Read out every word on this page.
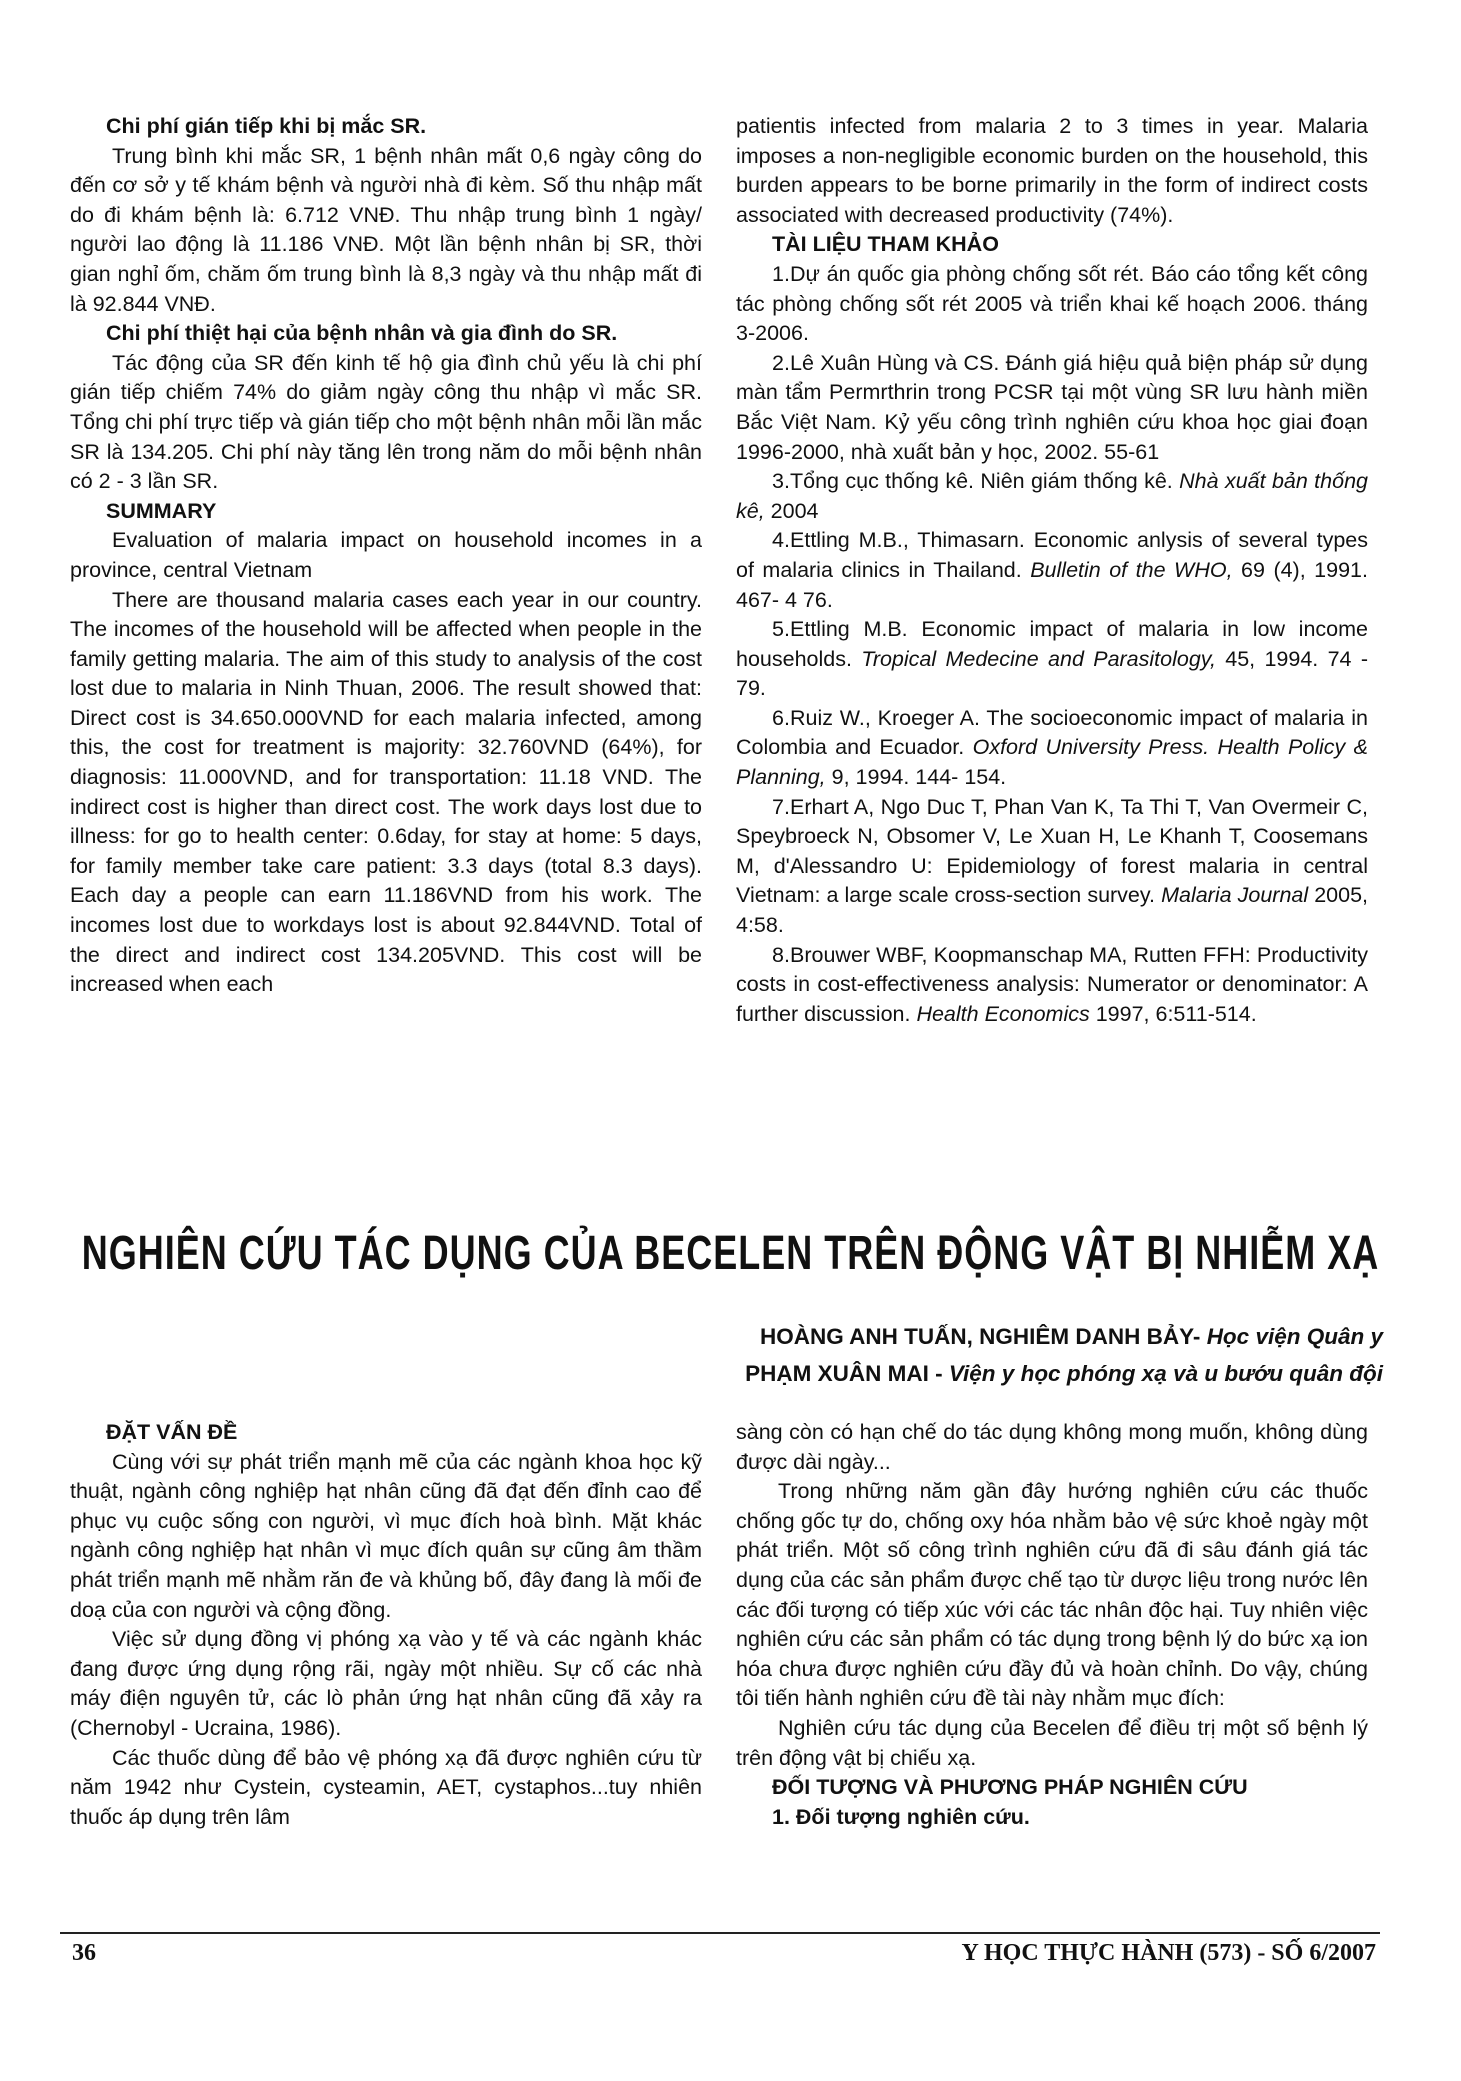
Chi phí gián tiếp khi bị mắc SR.

Trung bình khi mắc SR, 1 bệnh nhân mất 0,6 ngày công do đến cơ sở y tế khám bệnh và người nhà đi kèm. Số thu nhập mất do đi khám bệnh là: 6.712 VNĐ. Thu nhập trung bình 1 ngày/ người lao động là 11.186 VNĐ. Một lần bệnh nhân bị SR, thời gian nghỉ ốm, chăm ốm trung bình là 8,3 ngày và thu nhập mất đi là 92.844 VNĐ.

Chi phí thiệt hại của bệnh nhân và gia đình do SR.

Tác động của SR đến kinh tế hộ gia đình chủ yếu là chi phí gián tiếp chiếm 74% do giảm ngày công thu nhập vì mắc SR. Tổng chi phí trực tiếp và gián tiếp cho một bệnh nhân mỗi lần mắc SR là 134.205. Chi phí này tăng lên trong năm do mỗi bệnh nhân có 2 - 3 lần SR.

SUMMARY

Evaluation of malaria impact on household incomes in a province, central Vietnam

There are thousand malaria cases each year in our country. The incomes of the household will be affected when people in the family getting malaria. The aim of this study to analysis of the cost lost due to malaria in Ninh Thuan, 2006. The result showed that: Direct cost is 34.650.000VND for each malaria infected, among this, the cost for treatment is majority: 32.760VND (64%), for diagnosis: 11.000VND, and for transportation: 11.18 VND. The indirect cost is higher than direct cost. The work days lost due to illness: for go to health center: 0.6day, for stay at home: 5 days, for family member take care patient: 3.3 days (total 8.3 days). Each day a people can earn 11.186VND from his work. The incomes lost due to workdays lost is about 92.844VND. Total of the direct and indirect cost 134.205VND. This cost will be increased when each

patientis infected from malaria 2 to 3 times in year. Malaria imposes a non-negligible economic burden on the household, this burden appears to be borne primarily in the form of indirect costs associated with decreased productivity (74%).

TÀI LIỆU THAM KHẢO

1.Dự án quốc gia phòng chống sốt rét. Báo cáo tổng kết công tác phòng chống sốt rét 2005 và triển khai kế hoạch 2006. tháng 3-2006.

2.Lê Xuân Hùng và CS. Đánh giá hiệu quả biện pháp sử dụng màn tẩm Permrthrin trong PCSR tại một vùng SR lưu hành miền Bắc Việt Nam. Kỷ yếu công trình nghiên cứu khoa học giai đoạn 1996-2000, nhà xuất bản y học, 2002. 55-61

3.Tổng cục thống kê. Niên giám thống kê. Nhà xuất bản thống kê, 2004

4.Ettling M.B., Thimasarn. Economic anlysis of several types of malaria clinics in Thailand. Bulletin of the WHO, 69 (4), 1991. 467- 4 76.

5.Ettling M.B. Economic impact of malaria in low income households. Tropical Medecine and Parasitology, 45, 1994. 74 - 79.

6.Ruiz W., Kroeger A. The socioeconomic impact of malaria in Colombia and Ecuador. Oxford University Press. Health Policy & Planning, 9, 1994. 144- 154.

7.Erhart A, Ngo Duc T, Phan Van K, Ta Thi T, Van Overmeir C, Speybroeck N, Obsomer V, Le Xuan H, Le Khanh T, Coosemans M, d'Alessandro U: Epidemiology of forest malaria in central Vietnam: a large scale cross-section survey. Malaria Journal 2005, 4:58.

8.Brouwer WBF, Koopmanschap MA, Rutten FFH: Productivity costs in cost-effectiveness analysis: Numerator or denominator: A further discussion. Health Economics 1997, 6:511-514.

NGHIÊN CỨU TÁC DỤNG CỦA BECELEN TRÊN ĐỘNG VẬT BỊ NHIỄM XẠ
HOÀNG ANH TUẤN, NGHIÊM DANH BẢY- Học viện Quân y
PHẠM XUÂN MAI - Viện y học phóng xạ và u bướu quân đội

ĐẶT VẤN ĐỀ

Cùng với sự phát triển mạnh mẽ của các ngành khoa học kỹ thuật, ngành công nghiệp hạt nhân cũng đã đạt đến đỉnh cao để phục vụ cuộc sống con người, vì mục đích hoà bình. Mặt khác ngành công nghiệp hạt nhân vì mục đích quân sự cũng âm thầm phát triển mạnh mẽ nhằm răn đe và khủng bố, đây đang là mối đe doạ của con người và cộng đồng.

Việc sử dụng đồng vị phóng xạ vào y tế và các ngành khác đang được ứng dụng rộng rãi, ngày một nhiều. Sự cố các nhà máy điện nguyên tử, các lò phản ứng hạt nhân cũng đã xảy ra (Chernobyl - Ucraina, 1986).

Các thuốc dùng để bảo vệ phóng xạ đã được nghiên cứu từ năm 1942 như Cystein, cysteamin, AET, cystaphos...tuy nhiên thuốc áp dụng trên lâm

sàng còn có hạn chế do tác dụng không mong muốn, không dùng được dài ngày...

Trong những năm gần đây hướng nghiên cứu các thuốc chống gốc tự do, chống oxy hóa nhằm bảo vệ sức khoẻ ngày một phát triển. Một số công trình nghiên cứu đã đi sâu đánh giá tác dụng của các sản phẩm được chế tạo từ dược liệu trong nước lên các đối tượng có tiếp xúc với các tác nhân độc hại. Tuy nhiên việc nghiên cứu các sản phẩm có tác dụng trong bệnh lý do bức xạ ion hóa chưa được nghiên cứu đầy đủ và hoàn chỉnh. Do vậy, chúng tôi tiến hành nghiên cứu đề tài này nhằm mục đích:

Nghiên cứu tác dụng của Becelen để điều trị một số bệnh lý trên động vật bị chiếu xạ.

ĐỐI TƯỢNG VÀ PHƯƠNG PHÁP NGHIÊN CỨU

1. Đối tượng nghiên cứu.

36	Y HỌC THỰC HÀNH (573) - SỐ 6/2007
